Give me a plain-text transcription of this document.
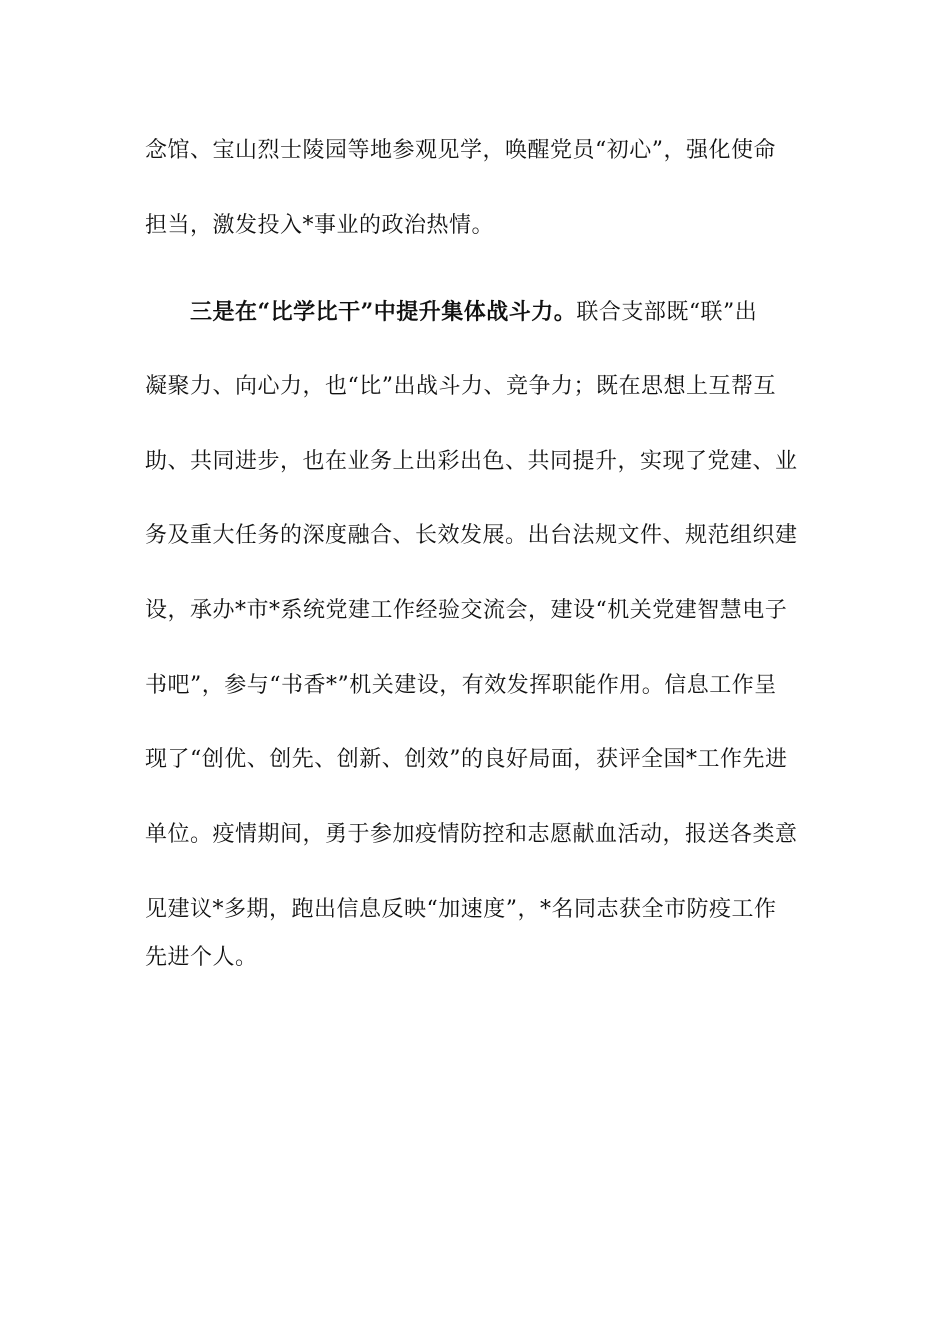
念馆、宝山烈士陵园等地参观见学，唤醒党员“初心”，强化使命
担当，激发投入*事业的政治热情。
三是在“比学比干”中提升集体战斗力。联合支部既“联”出
凝聚力、向心力，也“比”出战斗力、竞争力；既在思想上互帮互
助、共同进步，也在业务上出彩出色、共同提升，实现了党建、业
务及重大任务的深度融合、长效发展。出台法规文件、规范组织建
设，承办*市*系统党建工作经验交流会，建设“机关党建智慧电子
书吧”，参与“书香*”机关建设，有效发挥职能作用。信息工作呈
现了“创优、创先、创新、创效”的良好局面，获评全国*工作先进
单位。疫情期间，勇于参加疫情防控和志愿献血活动，报送各类意
见建议*多期，跑出信息反映“加速度”，*名同志获全市防疫工作
先进个人。
